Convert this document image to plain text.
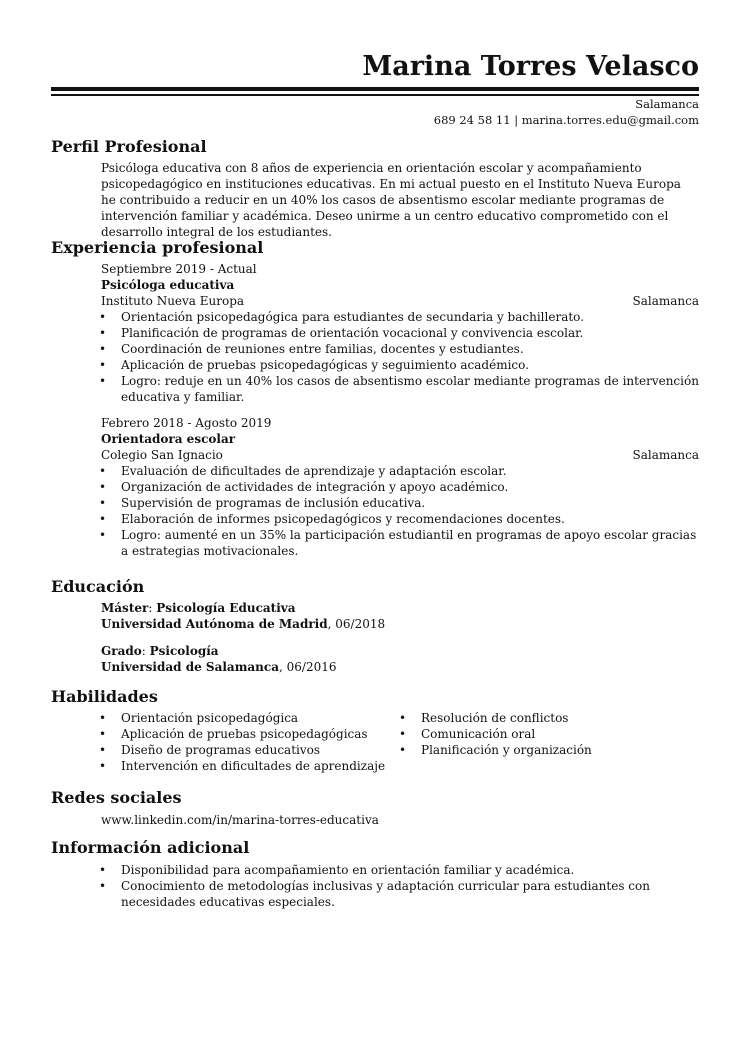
Marina Torres Velasco
Salamanca
689 24 58 11 | marina.torres.edu@gmail.com
Perfil Profesional
Psicóloga educativa con 8 años de experiencia en orientación escolar y acompañamiento psicopedagógico en instituciones educativas. En mi actual puesto en el Instituto Nueva Europa he contribuido a reducir en un 40% los casos de absentismo escolar mediante programas de intervención familiar y académica. Deseo unirme a un centro educativo comprometido con el desarrollo integral de los estudiantes.
Experiencia profesional
Septiembre 2019 - Actual
Psicóloga educativa
Instituto Nueva Europa	Salamanca
• Orientación psicopedagógica para estudiantes de secundaria y bachillerato.
• Planificación de programas de orientación vocacional y convivencia escolar.
• Coordinación de reuniones entre familias, docentes y estudiantes.
• Aplicación de pruebas psicopedagógicas y seguimiento académico.
• Logro: reduje en un 40% los casos de absentismo escolar mediante programas de intervención educativa y familiar.
Febrero 2018 - Agosto 2019
Orientadora escolar
Colegio San Ignacio	Salamanca
• Evaluación de dificultades de aprendizaje y adaptación escolar.
• Organización de actividades de integración y apoyo académico.
• Supervisión de programas de inclusión educativa.
• Elaboración de informes psicopedagógicos y recomendaciones docentes.
• Logro: aumenté en un 35% la participación estudiantil en programas de apoyo escolar gracias a estrategias motivacionales.
Educación
Máster: Psicología Educativa
Universidad Autónoma de Madrid, 06/2018
Grado: Psicología
Universidad de Salamanca, 06/2016
Habilidades
• Orientación psicopedagógica
• Aplicación de pruebas psicopedagógicas
• Diseño de programas educativos
• Intervención en dificultades de aprendizaje
• Resolución de conflictos
• Comunicación oral
• Planificación y organización
Redes sociales
www.linkedin.com/in/marina-torres-educativa
Información adicional
• Disponibilidad para acompañamiento en orientación familiar y académica.
• Conocimiento de metodologías inclusivas y adaptación curricular para estudiantes con necesidades educativas especiales.
